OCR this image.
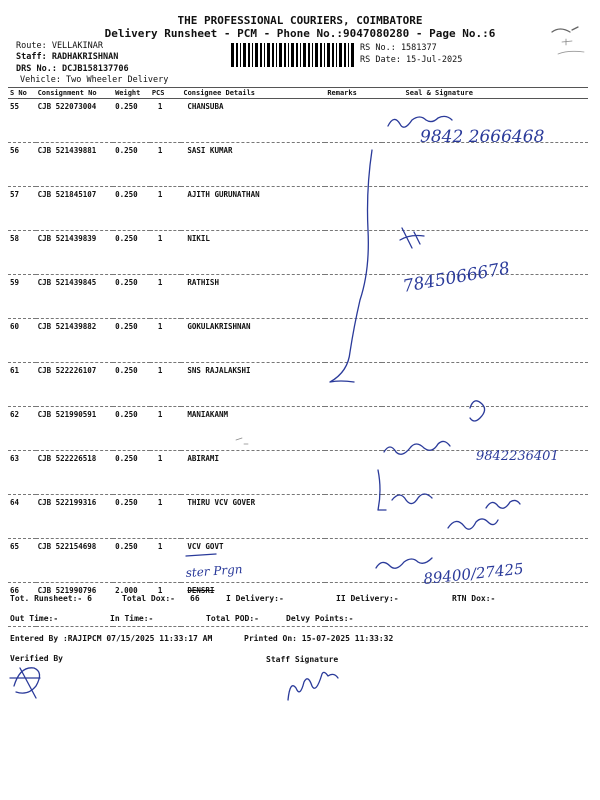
THE PROFESSIONAL COURIERS, COIMBATORE
Delivery Runsheet - PCM - Phone No.:9047080280 - Page No.:6
Route: VELLAKINAR
Staff: RADHAKRISHNAN
DRS No.: DCJB158137706
Vehicle: Two Wheeler Delivery
RS No.: 1581377
RS Date: 15-Jul-2025
S No	Consignment No	Weight	PCS	Consignee Details	Remarks	Seal & Signature
55	CJB 522073004	0.250	1	CHANSUBA		
56	CJB 521439881	0.250	1	SASI KUMAR		
57	CJB 521845107	0.250	1	AJITH GURUNATHAN		
58	CJB 521439839	0.250	1	NIKIL		
59	CJB 521439845	0.250	1	RATHISH		
60	CJB 521439882	0.250	1	GOKULAKRISHNAN		
61	CJB 522226107	0.250	1	SNS RAJALAKSHI		
62	CJB 521990591	0.250	1	MANIAKANM		
63	CJB 522226518	0.250	1	ABIRAMI		
64	CJB 522199316	0.250	1	THIRU VCV GOVER		
65	CJB 522154698	0.250	1	VCV GOVT		
66	CJB 521990796	2.000	1	DENSRI		
9842 2666468
7845066678
9842236401
ster Prgn	89400/27425
Tot. Runsheet:- 6	Total Dox:- 66	I Delivery:-	II Delivery:-	RTN Dox:-
Out Time:-	In Time:-	Total POD:-	Delvy Points:-
Entered By :RAJIPCM 07/15/2025 11:33:17 AM	Printed On: 15-07-2025 11:33:32
Verified By	Staff Signature
